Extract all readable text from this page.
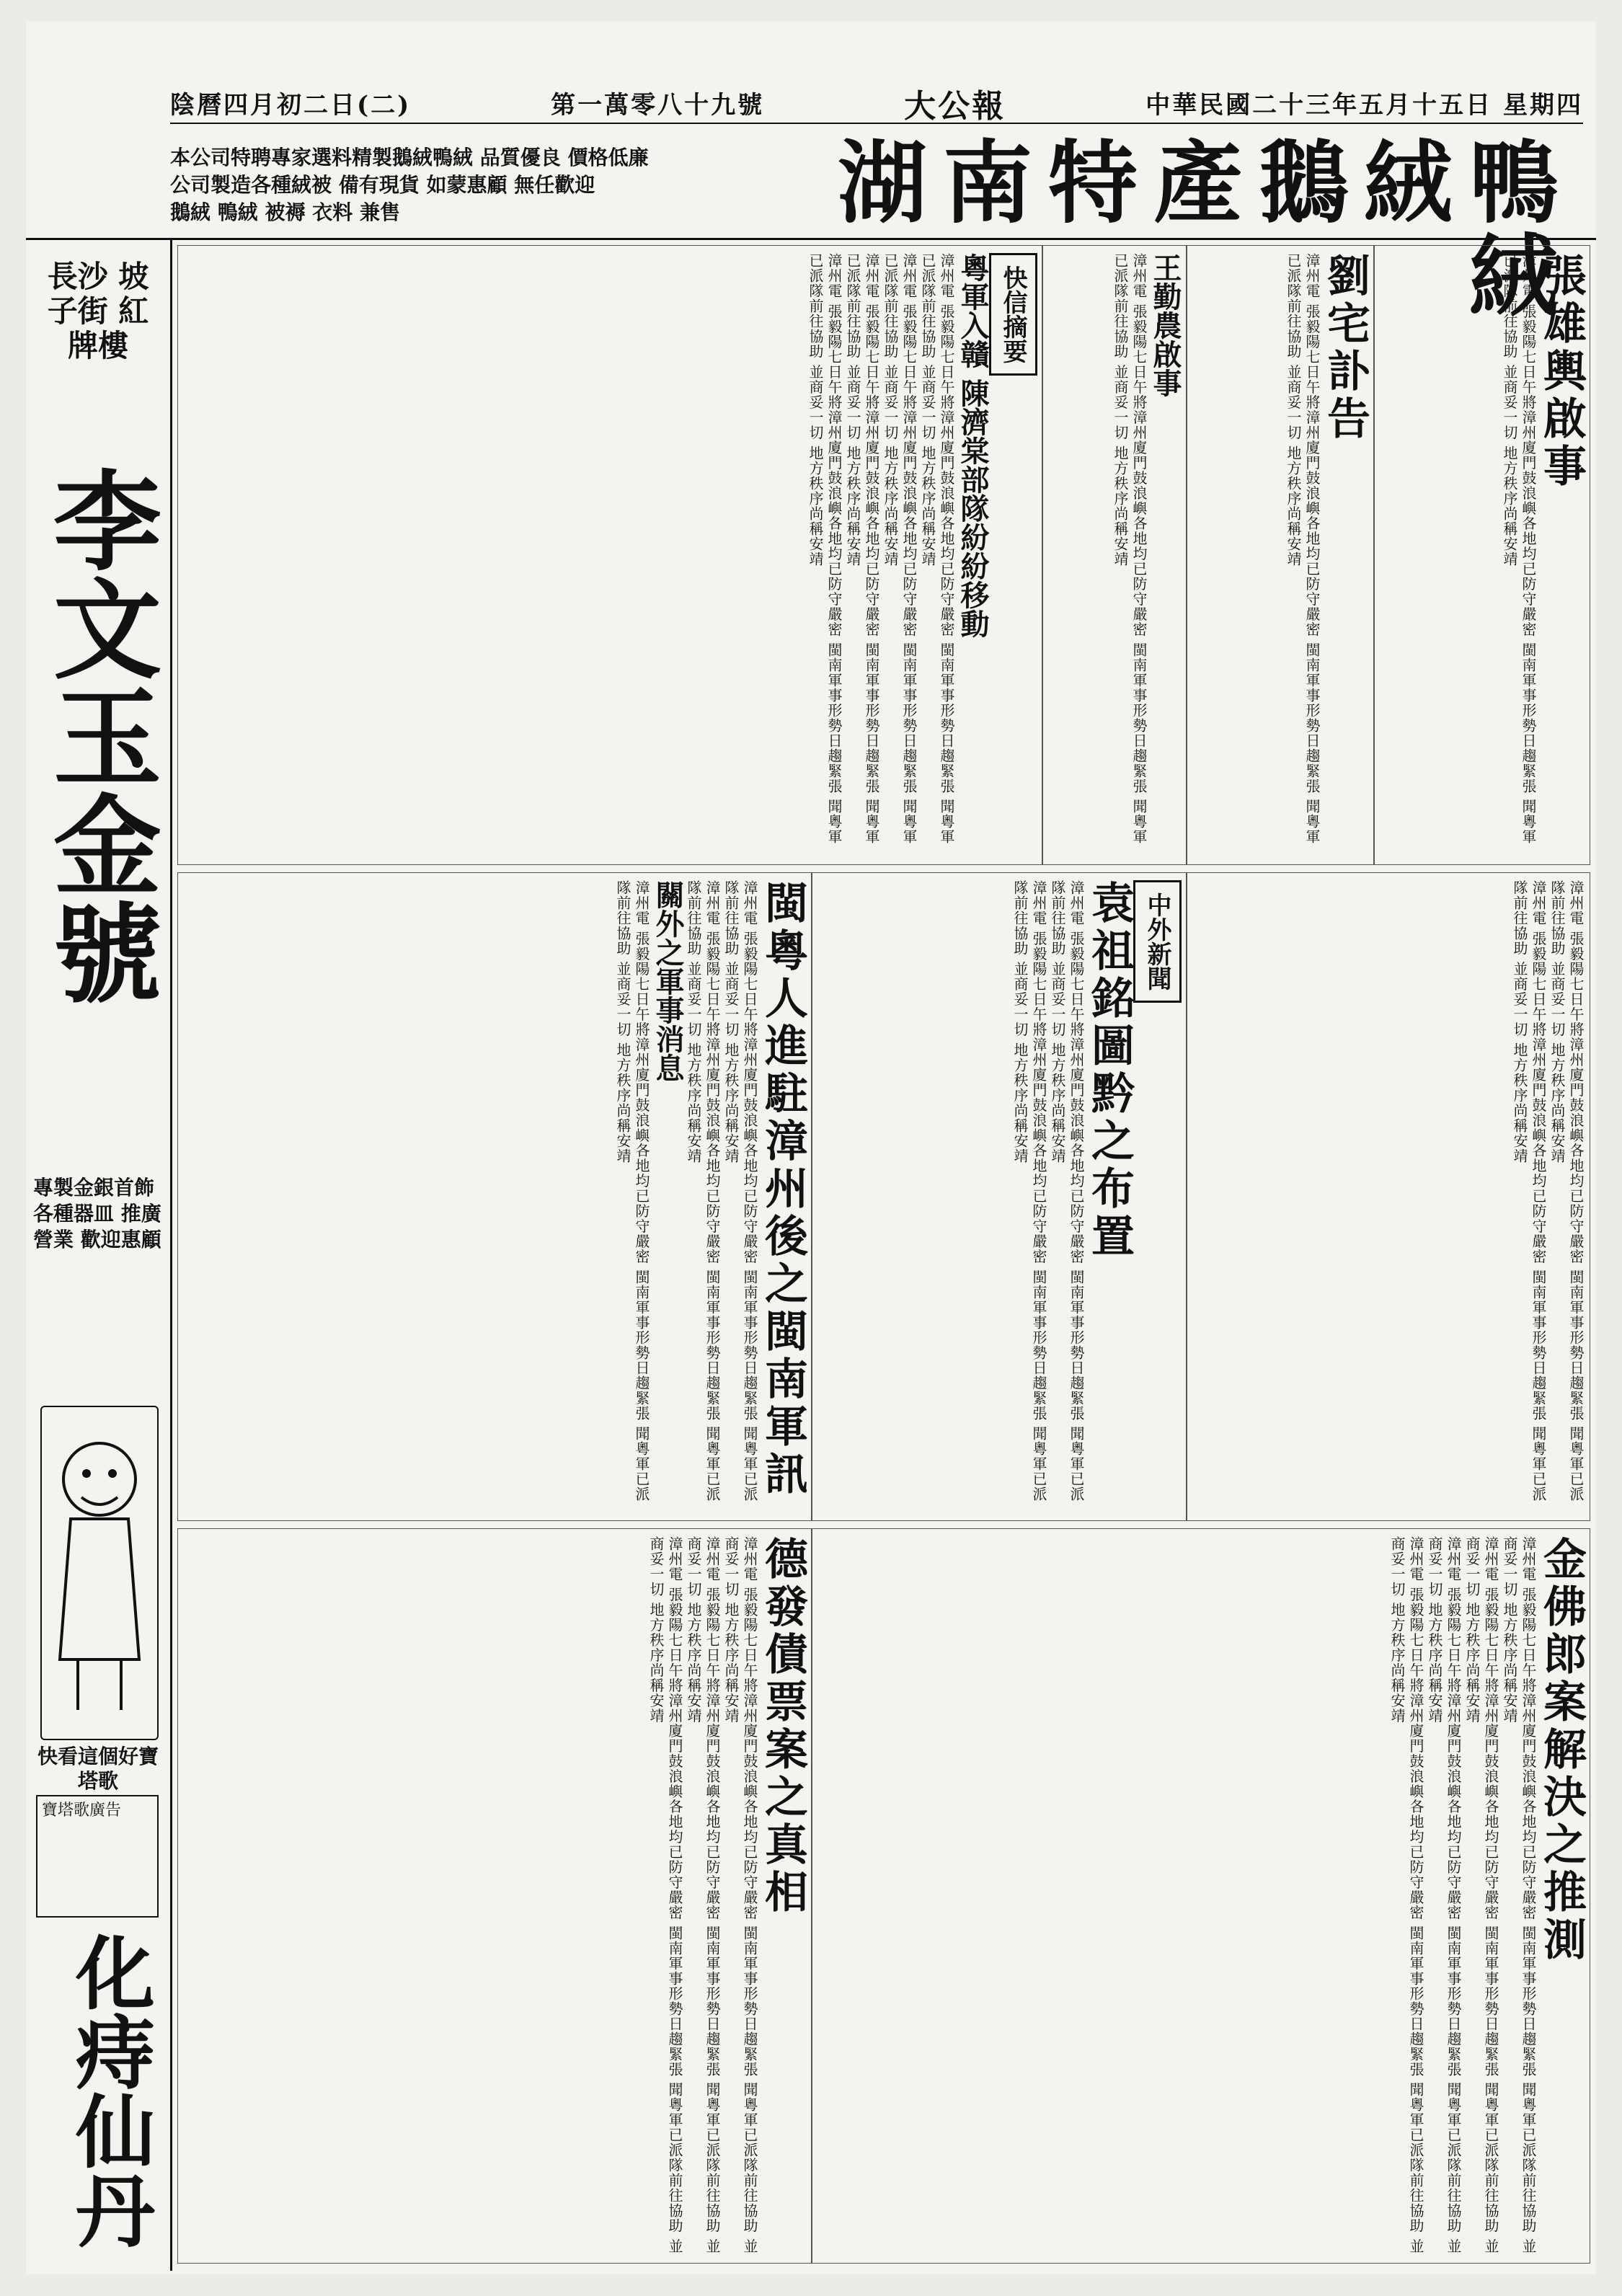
陰曆四月初二日(二)	第一萬零八十九號	大公報	中華民國二十三年五月十五日 星期四
本公司特聘專家選料精製鵝絨鴨絨 品質優良 價格低廉
公司製造各種絨被 備有現貨 如蒙惠顧 無任歡迎
鵝絨 鴨絨 被褥 衣料 兼售	湖南特產鵝絨鴨絨
長沙 坡子街 紅牌樓
李文玉金號
專製金銀首飾 各種器皿 推廣營業 歡迎惠顧
快看這個好寶塔歌
寶塔歌廣告
化痔仙丹
張雄輿啟事
漳州電 張毅陽七日午將漳州廈門鼓浪嶼各地均已防守嚴密 閩南軍事形勢日趨緊張 聞粵軍已派隊前往協助 並商妥一切 地方秩序尚稱安靖
劉宅訃告
漳州電 張毅陽七日午將漳州廈門鼓浪嶼各地均已防守嚴密 閩南軍事形勢日趨緊張 聞粵軍已派隊前往協助 並商妥一切 地方秩序尚稱安靖
王勤農啟事
漳州電 張毅陽七日午將漳州廈門鼓浪嶼各地均已防守嚴密 閩南軍事形勢日趨緊張 聞粵軍已派隊前往協助 並商妥一切 地方秩序尚稱安靖
快信摘要
粵軍入贛 陳濟棠部隊紛紛移動
漳州電 張毅陽七日午將漳州廈門鼓浪嶼各地均已防守嚴密 閩南軍事形勢日趨緊張 聞粵軍已派隊前往協助 並商妥一切 地方秩序尚稱安靖
漳州電 張毅陽七日午將漳州廈門鼓浪嶼各地均已防守嚴密 閩南軍事形勢日趨緊張 聞粵軍已派隊前往協助 並商妥一切 地方秩序尚稱安靖
漳州電 張毅陽七日午將漳州廈門鼓浪嶼各地均已防守嚴密 閩南軍事形勢日趨緊張 聞粵軍已派隊前往協助 並商妥一切 地方秩序尚稱安靖
漳州電 張毅陽七日午將漳州廈門鼓浪嶼各地均已防守嚴密 閩南軍事形勢日趨緊張 聞粵軍已派隊前往協助 並商妥一切 地方秩序尚稱安靖
漳州電 張毅陽七日午將漳州廈門鼓浪嶼各地均已防守嚴密 閩南軍事形勢日趨緊張 聞粵軍已派隊前往協助 並商妥一切 地方秩序尚稱安靖
漳州電 張毅陽七日午將漳州廈門鼓浪嶼各地均已防守嚴密 閩南軍事形勢日趨緊張 聞粵軍已派隊前往協助 並商妥一切 地方秩序尚稱安靖
中外新聞
袁祖銘圖黔之布置
漳州電 張毅陽七日午將漳州廈門鼓浪嶼各地均已防守嚴密 閩南軍事形勢日趨緊張 聞粵軍已派隊前往協助 並商妥一切 地方秩序尚稱安靖
漳州電 張毅陽七日午將漳州廈門鼓浪嶼各地均已防守嚴密 閩南軍事形勢日趨緊張 聞粵軍已派隊前往協助 並商妥一切 地方秩序尚稱安靖
閩粵人進駐漳州後之閩南軍訊
漳州電 張毅陽七日午將漳州廈門鼓浪嶼各地均已防守嚴密 閩南軍事形勢日趨緊張 聞粵軍已派隊前往協助 並商妥一切 地方秩序尚稱安靖
漳州電 張毅陽七日午將漳州廈門鼓浪嶼各地均已防守嚴密 閩南軍事形勢日趨緊張 聞粵軍已派隊前往協助 並商妥一切 地方秩序尚稱安靖
關外之軍事消息
漳州電 張毅陽七日午將漳州廈門鼓浪嶼各地均已防守嚴密 閩南軍事形勢日趨緊張 聞粵軍已派隊前往協助 並商妥一切 地方秩序尚稱安靖
金佛郎案解決之推測
漳州電 張毅陽七日午將漳州廈門鼓浪嶼各地均已防守嚴密 閩南軍事形勢日趨緊張 聞粵軍已派隊前往協助 並商妥一切 地方秩序尚稱安靖
漳州電 張毅陽七日午將漳州廈門鼓浪嶼各地均已防守嚴密 閩南軍事形勢日趨緊張 聞粵軍已派隊前往協助 並商妥一切 地方秩序尚稱安靖
漳州電 張毅陽七日午將漳州廈門鼓浪嶼各地均已防守嚴密 閩南軍事形勢日趨緊張 聞粵軍已派隊前往協助 並商妥一切 地方秩序尚稱安靖
漳州電 張毅陽七日午將漳州廈門鼓浪嶼各地均已防守嚴密 閩南軍事形勢日趨緊張 聞粵軍已派隊前往協助 並商妥一切 地方秩序尚稱安靖
德發債票案之真相
漳州電 張毅陽七日午將漳州廈門鼓浪嶼各地均已防守嚴密 閩南軍事形勢日趨緊張 聞粵軍已派隊前往協助 並商妥一切 地方秩序尚稱安靖
漳州電 張毅陽七日午將漳州廈門鼓浪嶼各地均已防守嚴密 閩南軍事形勢日趨緊張 聞粵軍已派隊前往協助 並商妥一切 地方秩序尚稱安靖
漳州電 張毅陽七日午將漳州廈門鼓浪嶼各地均已防守嚴密 閩南軍事形勢日趨緊張 聞粵軍已派隊前往協助 並商妥一切 地方秩序尚稱安靖
